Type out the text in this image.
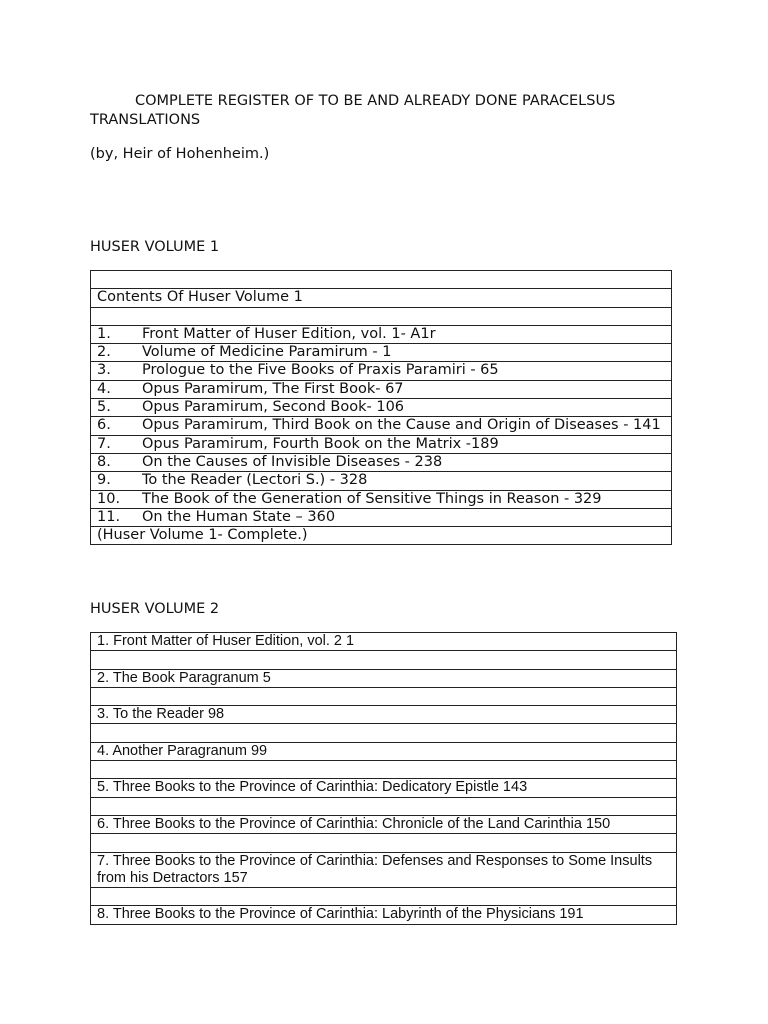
COMPLETE REGISTER OF TO BE AND ALREADY DONE PARACELSUS TRANSLATIONS

(by, Heir of Hohenheim.)

HUSER VOLUME 1

Contents Of Huser Volume 1

1. Front Matter of Huser Edition, vol. 1- A1r
2. Volume of Medicine Paramirum - 1
3. Prologue to the Five Books of Praxis Paramiri - 65
4. Opus Paramirum, The First Book- 67
5. Opus Paramirum, Second Book- 106
6. Opus Paramirum, Third Book on the Cause and Origin of Diseases - 141
7. Opus Paramirum, Fourth Book on the Matrix -189
8. On the Causes of Invisible Diseases - 238
9. To the Reader (Lectori S.) - 328
10. The Book of the Generation of Sensitive Things in Reason - 329
11. On the Human State – 360
(Huser Volume 1- Complete.)

HUSER VOLUME 2

1. Front Matter of Huser Edition, vol. 2 1

2. The Book Paragranum 5

3. To the Reader 98

4. Another Paragranum 99

5. Three Books to the Province of Carinthia: Dedicatory Epistle 143

6. Three Books to the Province of Carinthia: Chronicle of the Land Carinthia 150

7. Three Books to the Province of Carinthia: Defenses and Responses to Some Insults from his Detractors 157

8. Three Books to the Province of Carinthia: Labyrinth of the Physicians 191
